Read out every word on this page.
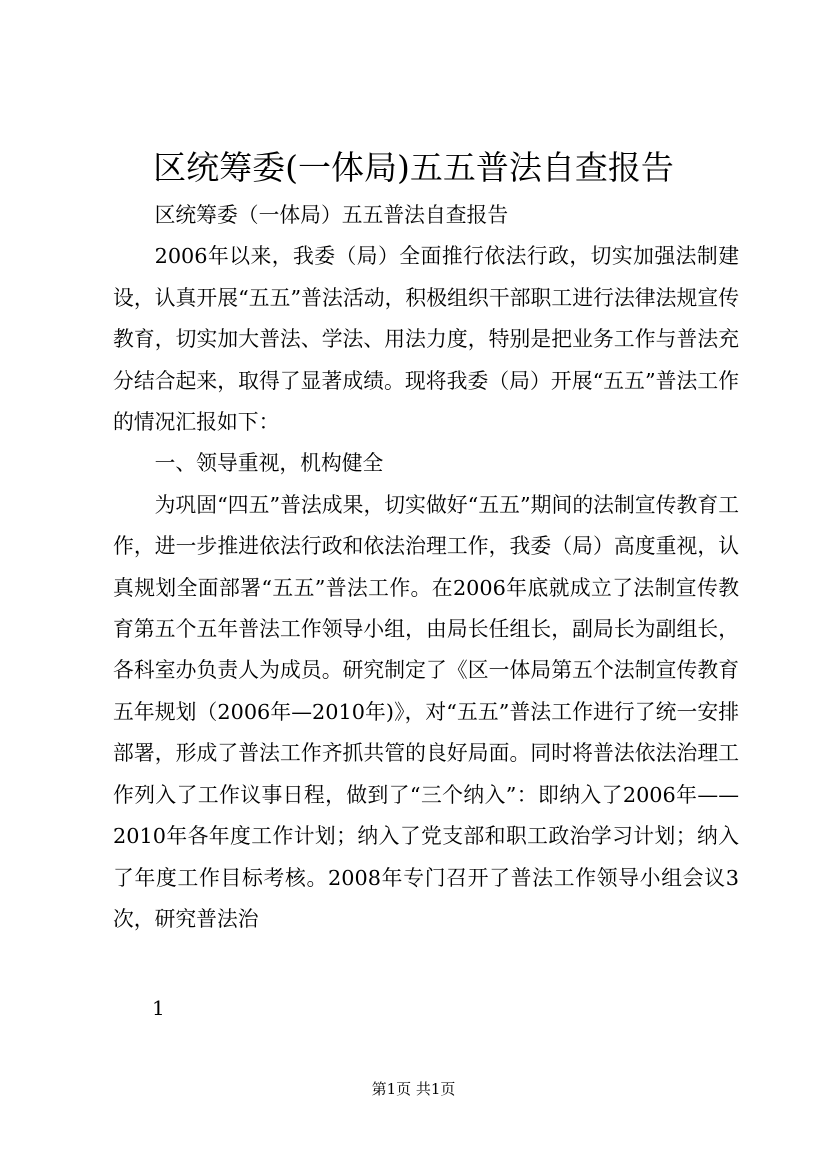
区统筹委(一体局)五五普法自查报告

区统筹委（一体局）五五普法自查报告

2006年以来，我委（局）全面推行依法行政，切实加强法制建设，认真开展“五五”普法活动，积极组织干部职工进行法律法规宣传教育，切实加大普法、学法、用法力度，特别是把业务工作与普法充分结合起来，取得了显著成绩。现将我委（局）开展“五五”普法工作的情况汇报如下：

一、领导重视，机构健全

为巩固“四五”普法成果，切实做好“五五”期间的法制宣传教育工作，进一步推进依法行政和依法治理工作，我委（局）高度重视，认真规划全面部署“五五”普法工作。在2006年底就成立了法制宣传教育第五个五年普法工作领导小组，由局长任组长，副局长为副组长，各科室办负责人为成员。研究制定了《区一体局第五个法制宣传教育五年规划（2006年—2010年)》，对“五五”普法工作进行了统一安排部署，形成了普法工作齐抓共管的良好局面。同时将普法依法治理工作列入了工作议事日程，做到了“三个纳入”：即纳入了2006年——2010年各年度工作计划；纳入了党支部和职工政治学习计划；纳入了年度工作目标考核。2008年专门召开了普法工作领导小组会议3次，研究普法治

1
第1页 共1页
